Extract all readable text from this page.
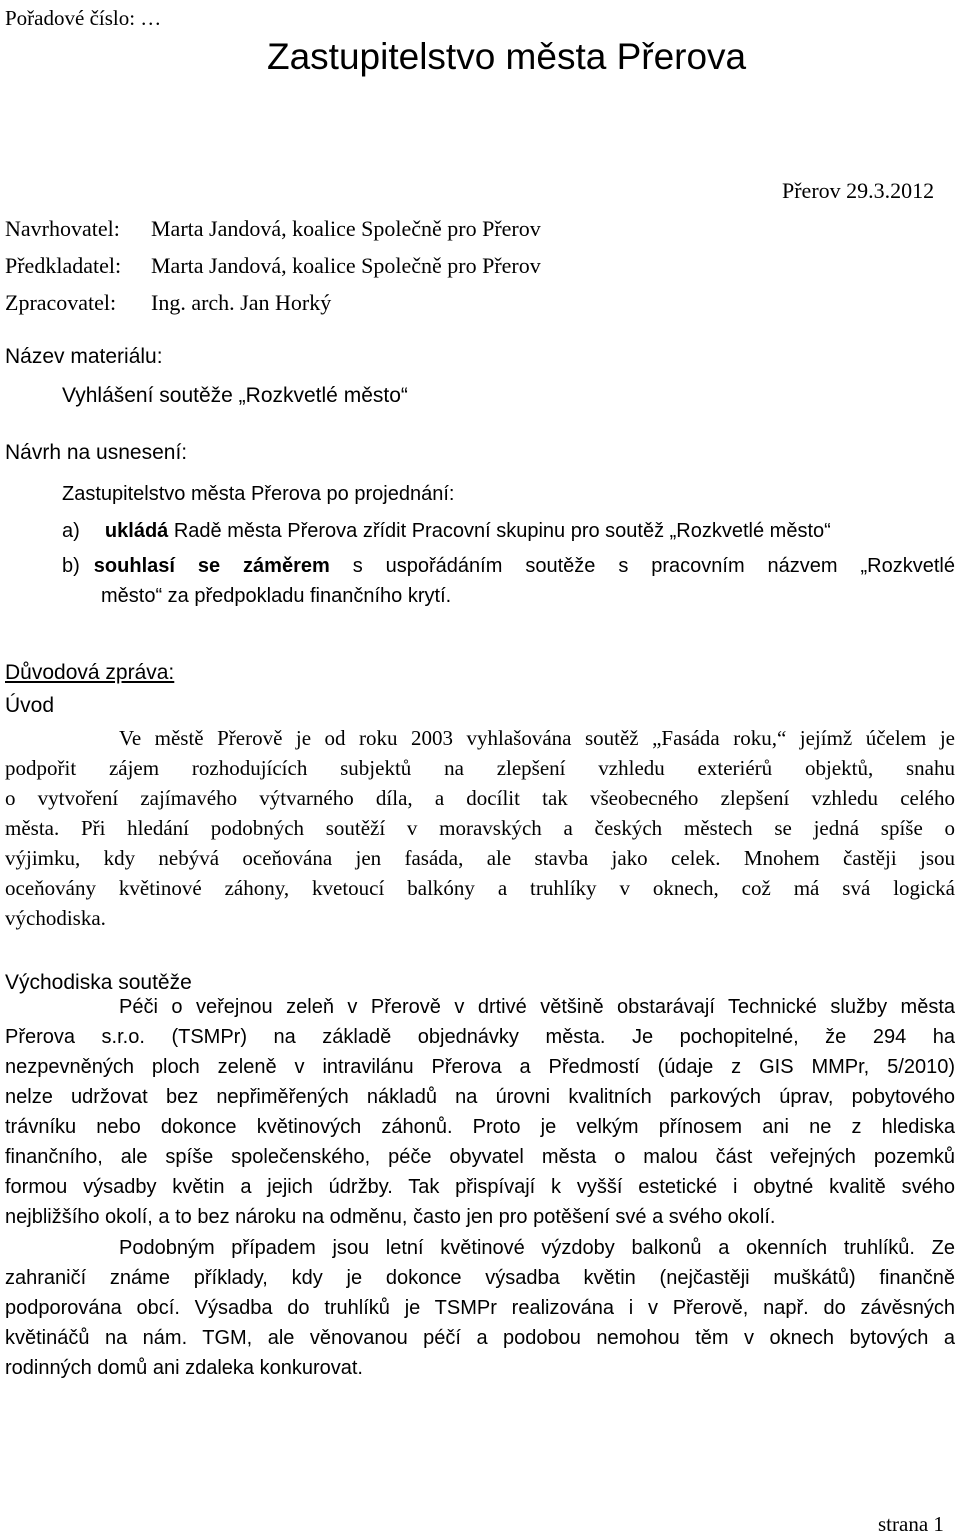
Pořadové číslo: …
Zastupitelstvo města Přerova
Přerov 29.3.2012
Navrhovatel: Marta Jandová, koalice Společně pro Přerov
Předkladatel: Marta Jandová, koalice Společně pro Přerov
Zpracovatel: Ing. arch. Jan Horký
Název materiálu:
Vyhlášení soutěže „Rozkvetlé město“
Návrh na usnesení:
Zastupitelstvo města Přerova po projednání:
a) ukládá Radě města Přerova zřídit Pracovní skupinu pro soutěž „Rozkvetlé město“
b) souhlasí se záměrem s uspořádáním soutěže s pracovním názvem „Rozkvetlé
město“ za předpokladu finančního krytí.
Důvodová zpráva:
Úvod
Ve městě Přerově je od roku 2003 vyhlašována soutěž „Fasáda roku,“ jejímž účelem je
podpořit zájem rozhodujících subjektů na zlepšení vzhledu exteriérů objektů, snahu
o vytvoření zajímavého výtvarného díla, a docílit tak všeobecného zlepšení vzhledu celého
města. Při hledání podobných soutěží v moravských a českých městech se jedná spíše o
výjimku, kdy nebývá oceňována jen fasáda, ale stavba jako celek. Mnohem častěji jsou
oceňovány květinové záhony, kvetoucí balkóny a truhlíky v oknech, což má svá logická
východiska.
Východiska soutěže
Péči o veřejnou zeleň v Přerově v drtivé většině obstarávají Technické služby města
Přerova s.r.o. (TSMPr) na základě objednávky města. Je pochopitelné, že 294 ha
nezpevněných ploch zeleně v intravilánu Přerova a Předmostí (údaje z GIS MMPr, 5/2010)
nelze udržovat bez nepřiměřených nákladů na úrovni kvalitních parkových úprav, pobytového
trávníku nebo dokonce květinových záhonů. Proto je velkým přínosem ani ne z hlediska
finančního, ale spíše společenského, péče obyvatel města o malou část veřejných pozemků
formou výsadby květin a jejich údržby. Tak přispívají k vyšší estetické i obytné kvalitě svého
nejbližšího okolí, a to bez nároku na odměnu, často jen pro potěšení své a svého okolí.
Podobným případem jsou letní květinové výzdoby balkonů a okenních truhlíků. Ze
zahraničí známe příklady, kdy je dokonce výsadba květin (nejčastěji muškátů) finančně
podporována obcí. Výsadba do truhlíků je TSMPr realizována i v Přerově, např. do závěsných
květináčů na nám. TGM, ale věnovanou péčí a podobou nemohou těm v oknech bytových a
rodinných domů ani zdaleka konkurovat.
strana 1
